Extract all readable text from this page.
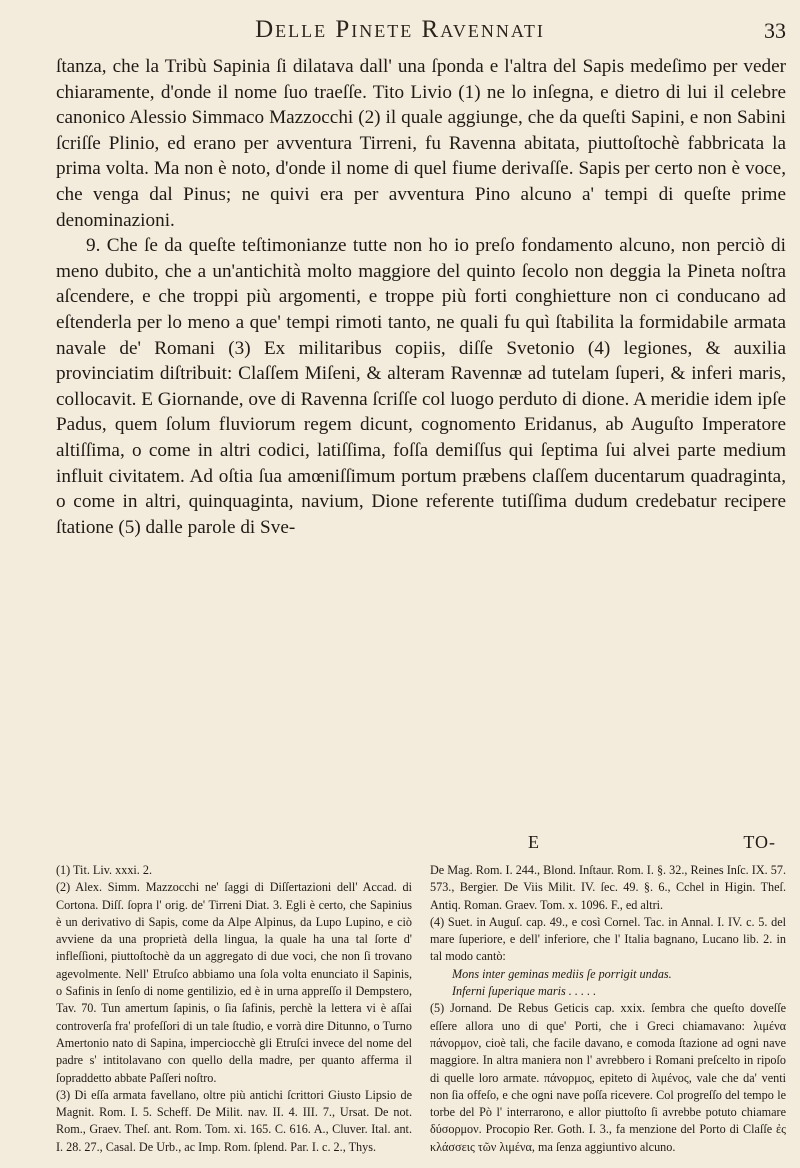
Delle Pinete Ravennati	33

ſtanza, che la Tribù Sapinia ſi dilatava dall' una ſponda e l'altra del Sapis medeſimo per veder chiaramente, d'onde il nome ſuo traeſſe. Tito Livio (1) ne lo inſegna, e dietro di lui il celebre canonico Alessio Simmaco Mazzocchi (2) il quale aggiunge, che da queſti Sapini, e non Sabini ſcriſſe Plinio, ed erano per avventura Tirreni, fu Ravenna abitata, piuttoſtochè fabbricata la prima volta. Ma non è noto, d'onde il nome di quel fiume derivaſſe. Sapis per certo non è voce, che venga dal Pinus; ne quivi era per avventura Pino alcuno a' tempi di queſte prime denominazioni.

9. Che ſe da queſte teſtimonianze tutte non ho io preſo fondamento alcuno, non perciò di meno dubito, che a un'antichità molto maggiore del quinto ſecolo non deggia la Pineta noſtra aſcendere, e che troppi più argomenti, e troppe più forti conghietture non ci conducano ad eſtenderla per lo meno a que' tempi rimoti tanto, ne quali fu quì ſtabilita la formidabile armata navale de' Romani (3) Ex militaribus copiis, diſſe Svetonio (4) legiones, & auxilia provinciatim diſtribuit: Claſſem Miſeni, & alteram Ravennæ ad tutelam ſuperi, & inferi maris, collocavit. E Giornande, ove di Ravenna ſcriſſe col luogo perduto di dione. A meridie idem ipſe Padus, quem ſolum fluviorum regem dicunt, cognomento Eridanus, ab Auguſto Imperatore altiſſima, o come in altri codici, latiſſima, foſſa demiſſus qui ſeptima ſui alvei parte medium influit civitatem. Ad oſtia ſua amœniſſimum portum præbens claſſem ducentarum quadraginta, o come in altri, quinquaginta, navium, Dione referente tutiſſima dudum credebatur recipere ſtatione (5) dalle parole di Sve-

E	TO-

(1) Tit. Liv. xxxi. 2.

(2) Alex. Simm. Mazzocchi ne' ſaggi di Diſſertazioni dell' Accad. di Cortona. Diſſ. ſopra l' orig. de' Tirreni Diat. 3. Egli è certo, che Sapinius è un derivativo di Sapis, come da Alpe Alpinus, da Lupo Lupino, e ciò avviene da una proprietà della lingua, la quale ha una tal ſorte d' infleſſioni, piuttoſtochè da un aggregato di due voci, che non ſi trovano agevolmente. Nell' Etruſco abbiamo una ſola volta enunciato il Sapinis, o Safinis in ſenſo di nome gentilizio, ed è in urna appreſſo il Dempstero, Tav. 70. Tun amertum ſapinis, o ſia ſafinis, perchè la lettera vi è aſſai controverſa fra' profeſſori di un tale ſtudio, e vorrà dire Ditunno, o Turno Amertonio nato di Sapina, imperciocchè gli Etruſci invece del nome del padre s' intitolavano con quello della madre, per quanto afferma il ſopraddetto abbate Paſſeri noſtro.

(3) Di eſſa armata favellano, oltre più antichi ſcrittori Giusto Lipsio de Magnit. Rom. I. 5. Scheff. De Milit. nav. II. 4. III. 7., Ursat. De not. Rom., Graev. Theſ. ant. Rom. Tom. xi. 165. C. 616. A., Cluver. Ital. ant. I. 28. 27., Casal. De Urb., ac Imp. Rom. ſplend. Par. I. c. 2., Thys.

De Mag. Rom. I. 244., Blond. Inſtaur. Rom. I. §. 32., Reines Inſc. IX. 57. 573., Bergier. De Viis Milit. IV. ſec. 49. §. 6., Cchel in Higin. Theſ. Antiq. Roman. Graev. Tom. x. 1096. F., ed altri.

(4) Suet. in Auguſ. cap. 49., e così Cornel. Tac. in Annal. I. IV. c. 5. del mare ſuperiore, e dell' inferiore, che l' Italia bagnano, Lucano lib. 2. in tal modo cantò:

Mons inter geminas mediis ſe porrigit undas.

Inferni ſuperique maris . . . . .

(5) Jornand. De Rebus Geticis cap. xxix. ſembra che queſto doveſſe eſſere allora uno di que' Porti, che i Greci chiamavano: λιμένα πάνορμον, cioè tali, che facile davano, e comoda ſtazione ad ogni nave maggiore. In altra maniera non l' avrebbero i Romani preſcelto in ripoſo di quelle loro armate. πάνορμος, epiteto di λιμένος, vale che da' venti non ſia offeſo, e che ogni nave poſſa ricevere. Col progreſſo del tempo le torbe del Pò l' interrarono, e allor piuttoſto ſi avrebbe potuto chiamare δύσορμον. Procopio Rer. Goth. I. 3., fa menzione del Porto di Claſſe ἐς κλάσσεις τῶν λιμένα, ma ſenza aggiuntivo alcuno.
